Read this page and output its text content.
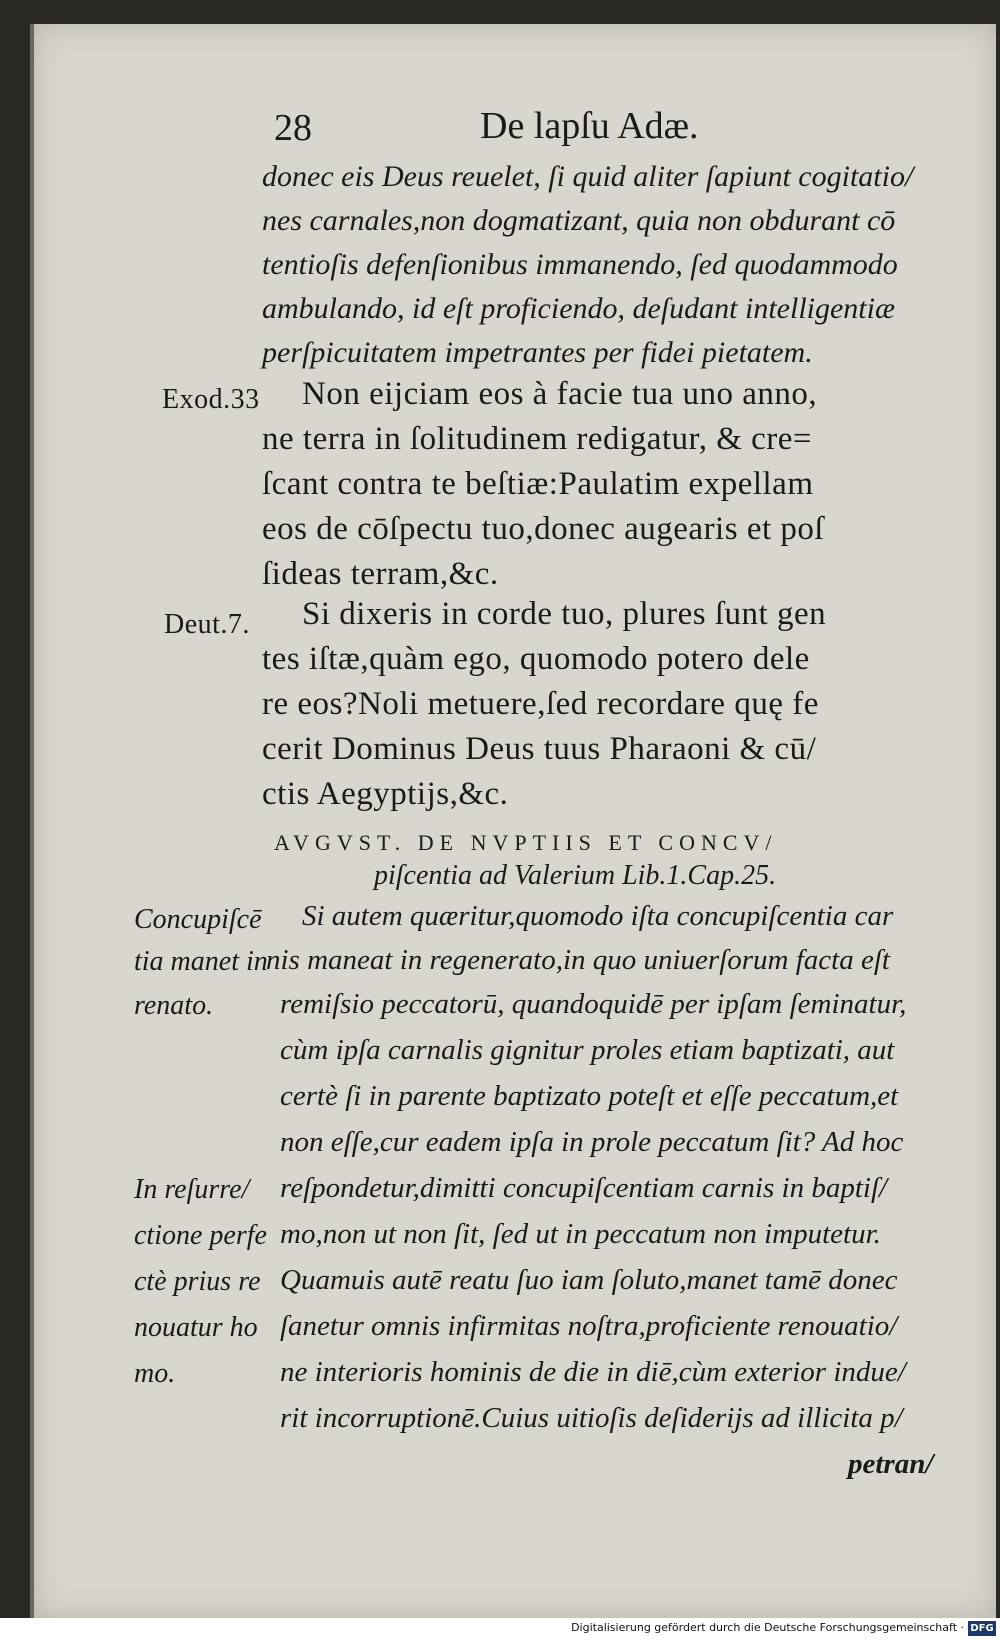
28	De lapſu Adæ.
donec eis Deus reuelet, ſi quid aliter ſapiunt cogitatio/
nes carnales,non dogmatizant, quia non obdurant cō
tentioſis defenſionibus immanendo, ſed quodammodo
ambulando, id eſt proficiendo, deſudant intelligentiæ
perſpicuitatem impetrantes per fidei pietatem.
Exod.33 Non eijciam eos à facie tua uno anno,
ne terra in ſolitudinem redigatur, & cre=
ſcant contra te beſtiæ:Paulatim expellam
eos de cōſpectu tuo,donec augearis et poſ
ſideas terram,&c.
Deut.7. Si dixeris in corde tuo, plures ſunt gen
tes iſtæ,quàm ego, quomodo potero dele
re eos?Noli metuere,ſed recordare quę fe
cerit Dominus Deus tuus Pharaoni & cū/
ctis Aegyptijs,&c.
AVGVST. DE NVPTIIS ET CONCV/
piſcentia ad Valerium Lib.1.Cap.25.
Concupiſcē
tia manet in
renato.
Si autem quæritur,quomodo iſta concupiſcentia car
nis maneat in regenerato,in quo uniuerſorum facta eſt
remiſsio peccatorū, quandoquidē per ipſam ſeminatur,
cùm ipſa carnalis gignitur proles etiam baptizati, aut
certè ſi in parente baptizato poteſt et eſſe peccatum,et
non eſſe,cur eadem ipſa in prole peccatum ſit? Ad hoc
reſpondetur,dimitti concupiſcentiam carnis in baptiſ/
mo,non ut non ſit, ſed ut in peccatum non imputetur.
Quamuis autē reatu ſuo iam ſoluto,manet tamē donec
ſanetur omnis infirmitas noſtra,proficiente renouatio/
ne interioris hominis de die in diē,cùm exterior indue/
rit incorruptionē.Cuius uitioſis deſiderijs ad illicita p/
In reſurre/
ctione perfe
ctè prius re
nouatur ho
mo.
petran/
Digitalisierung gefördert durch die Deutsche Forschungsgemeinschaft · DFG
